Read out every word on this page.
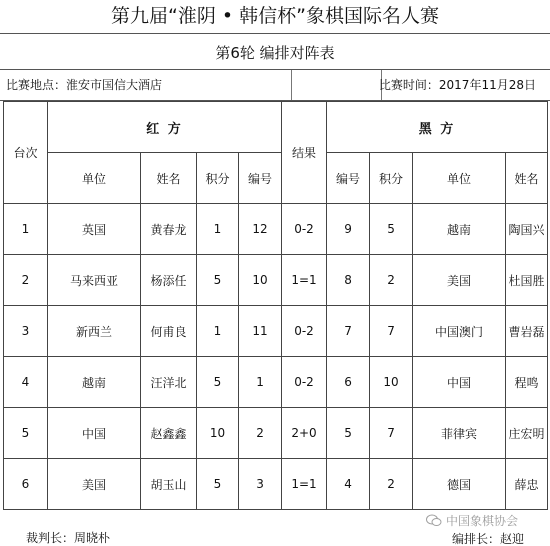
第九届“淮阴 • 韩信杯”象棋国际名人赛
第6轮 编排对阵表
比赛地点：淮安市国信大酒店	比赛时间：2017年11月28日
台次	红 方				结果	黑 方			
	单位	姓名	积分	编号		编号	积分	单位	姓名
1	英国	黄春龙	1	12	0-2	9	5	越南	陶国兴
2	马来西亚	杨添任	5	10	1=1	8	2	美国	杜国胜
3	新西兰	何甫良	1	11	0-2	7	7	中国澳门	曹岩磊
4	越南	汪洋北	5	1	0-2	6	10	中国	程鸣
5	中国	赵鑫鑫	10	2	2+0	5	7	菲律宾	庄宏明
6	美国	胡玉山	5	3	1=1	4	2	德国	薛忠
裁判长：周晓朴
中国象棋协会
编排长：赵迎
